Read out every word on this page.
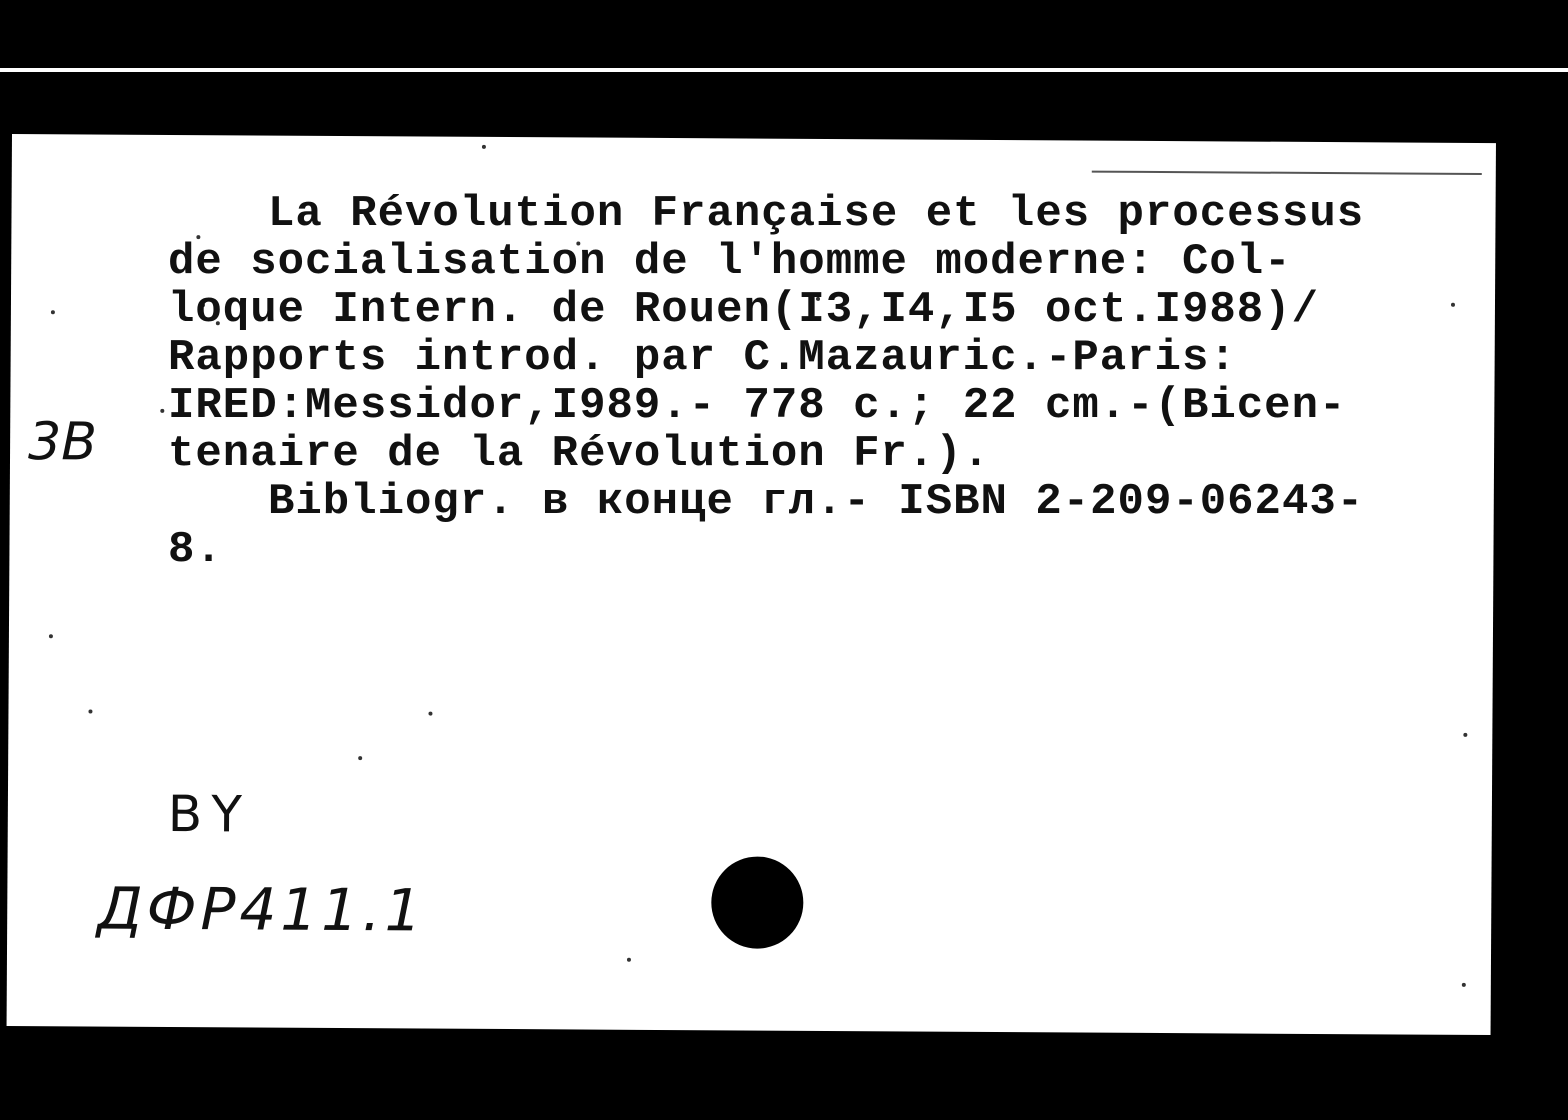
3B
BY
ДФР411.1
La Révolution Française et les processus
de socialisation de l'homme moderne: Col-
loque Intern. de Rouen(I3,I4,I5 oct.I988)/
Rapports introd. par C.Mazauric.-Paris:
IRED:Messidor,I989.- 778 c.; 22 cm.-(Bicen-
tenaire de la Révolution Fr.).
Bibliogr. в конце гл.- ISBN 2-209-06243-
8.
